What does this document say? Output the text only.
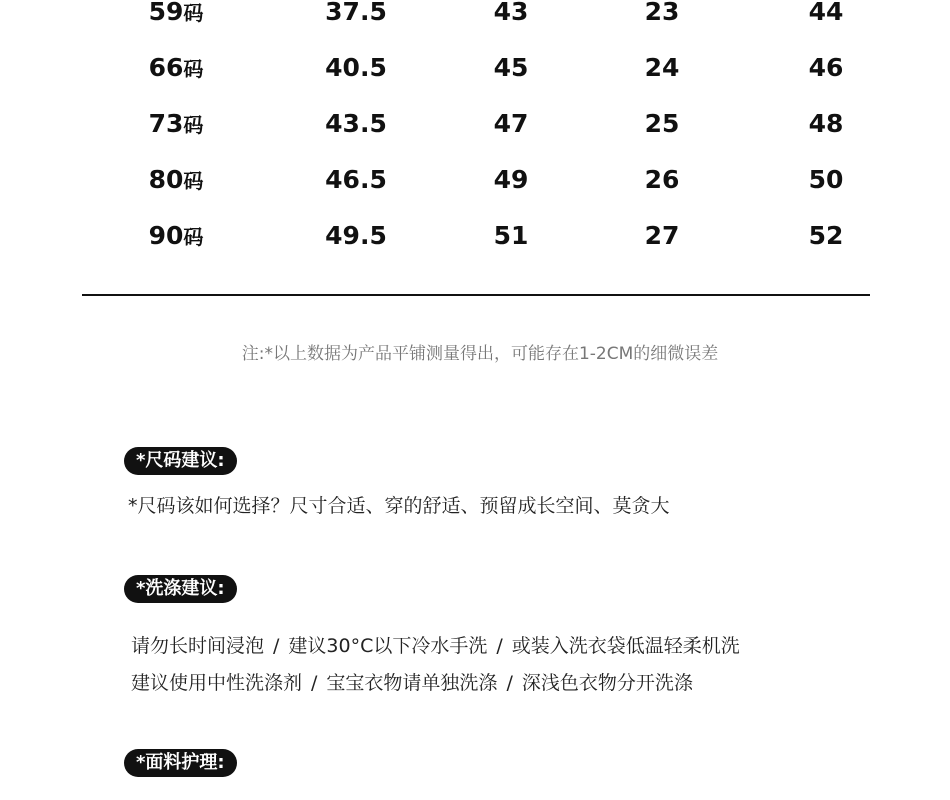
59码	37.5	43	23	44
66码	40.5	45	24	46
73码	43.5	47	25	48
80码	46.5	49	26	50
90码	49.5	51	27	52
注:*以上数据为产品平铺测量得出，可能存在1-2CM的细微误差
*尺码建议:
*尺码该如何选择？尺寸合适、穿的舒适、预留成长空间、莫贪大
*洗涤建议:
请勿长时间浸泡 / 建议30°C以下冷水手洗 / 或装入洗衣袋低温轻柔机洗
建议使用中性洗涤剂 / 宝宝衣物请单独洗涤 / 深浅色衣物分开洗涤
*面料护理:
